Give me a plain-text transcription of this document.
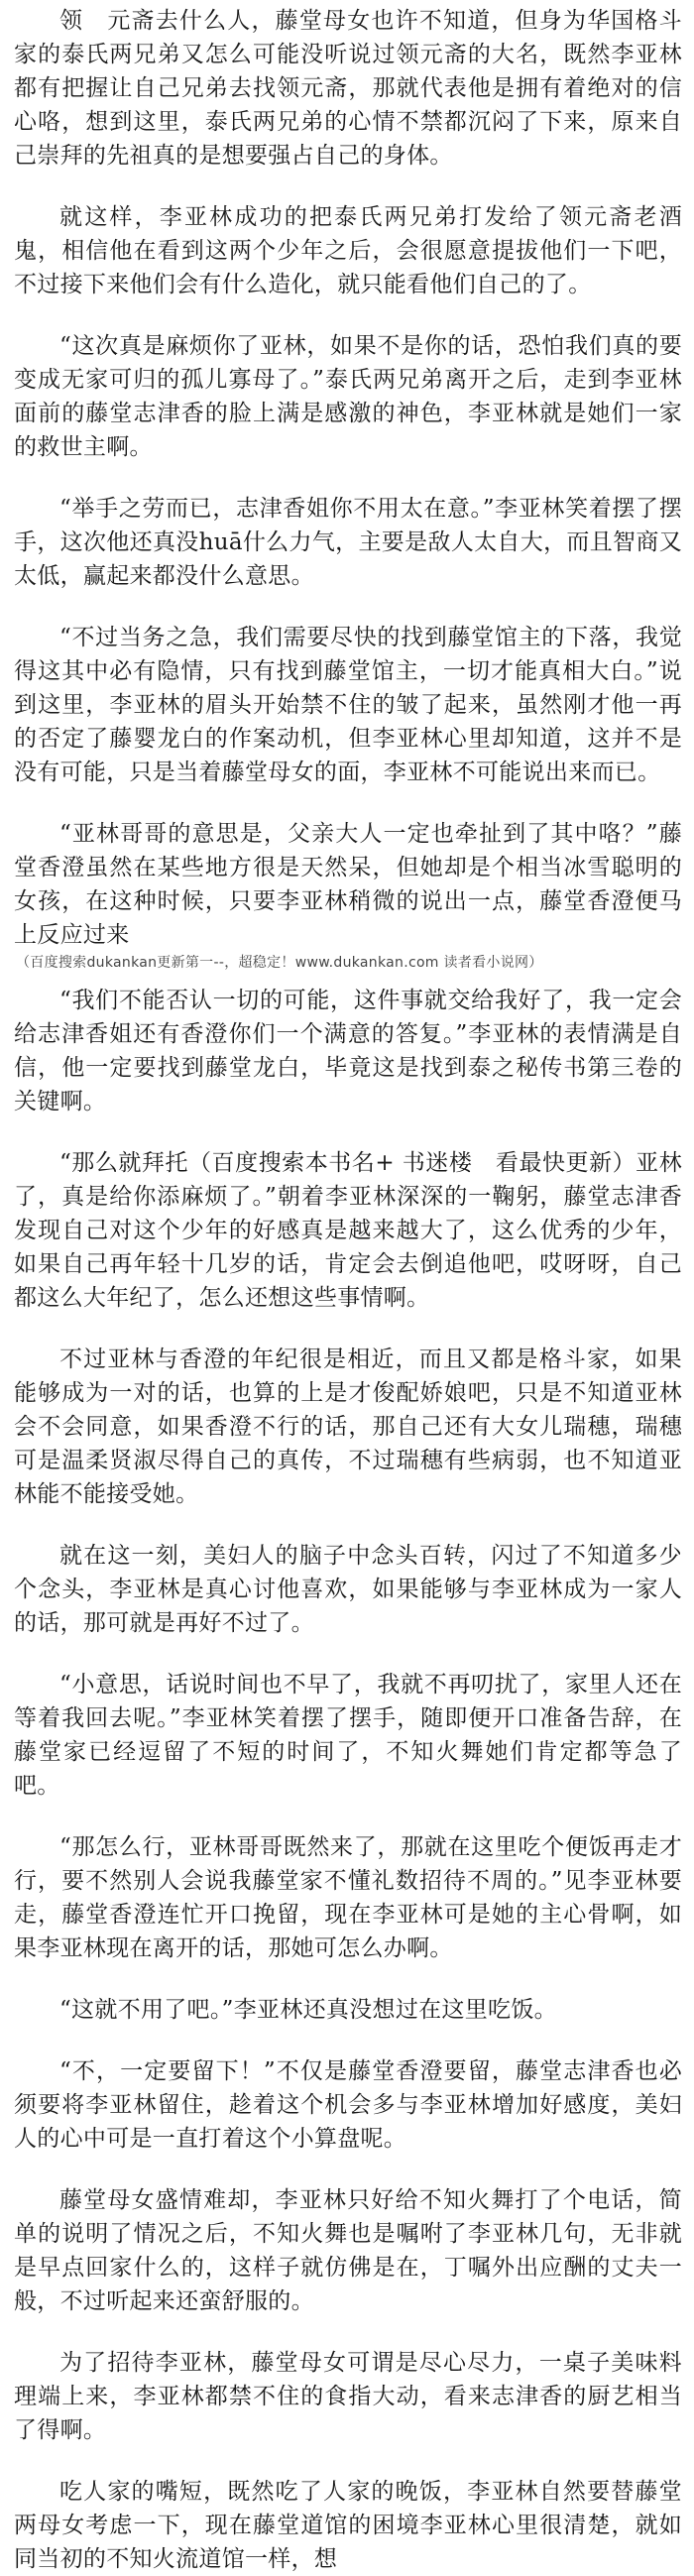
领　元斋去什么人，藤堂母女也许不知道，但身为华国格斗家的泰氏两兄弟又怎么可能没听说过领元斋的大名，既然李亚林都有把握让自己兄弟去找领元斋，那就代表他是拥有着绝对的信心咯，想到这里，泰氏两兄弟的心情不禁都沉闷了下来，原来自己崇拜的先祖真的是想要强占自己的身体。

就这样，李亚林成功的把泰氏两兄弟打发给了领元斋老酒鬼，相信他在看到这两个少年之后，会很愿意提拔他们一下吧，不过接下来他们会有什么造化，就只能看他们自己的了。

“这次真是麻烦你了亚林，如果不是你的话，恐怕我们真的要变成无家可归的孤儿寡母了。”泰氏两兄弟离开之后，走到李亚林面前的藤堂志津香的脸上满是感激的神色，李亚林就是她们一家的救世主啊。

“举手之劳而已，志津香姐你不用太在意。”李亚林笑着摆了摆手，这次他还真没huā什么力气，主要是敌人太自大，而且智商又太低，赢起来都没什么意思。

“不过当务之急，我们需要尽快的找到藤堂馆主的下落，我觉得这其中必有隐情，只有找到藤堂馆主，一切才能真相大白。”说到这里，李亚林的眉头开始禁不住的皱了起来，虽然刚才他一再的否定了藤婴龙白的作案动机，但李亚林心里却知道，这并不是没有可能，只是当着藤堂母女的面，李亚林不可能说出来而已。

“亚林哥哥的意思是，父亲大人一定也牵扯到了其中咯？”藤堂香澄虽然在某些地方很是天然呆，但她却是个相当冰雪聪明的女孩，在这种时候，只要李亚林稍微的说出一点，藤堂香澄便马上反应过来

（百度搜索dukankan更新第一--，超稳定！www.dukankan.com 读者看小说网）

“我们不能否认一切的可能，这件事就交给我好了，我一定会给志津香姐还有香澄你们一个满意的答复。”李亚林的表情满是自信，他一定要找到藤堂龙白，毕竟这是找到泰之秘传书第三卷的关键啊。

“那么就拜托（百度搜索本书名+ 书迷楼　看最快更新）亚林了，真是给你添麻烦了。”朝着李亚林深深的一鞠躬，藤堂志津香发现自己对这个少年的好感真是越来越大了，这么优秀的少年，如果自己再年轻十几岁的话，肯定会去倒追他吧，哎呀呀，自己都这么大年纪了，怎么还想这些事情啊。

不过亚林与香澄的年纪很是相近，而且又都是格斗家，如果能够成为一对的话，也算的上是才俊配娇娘吧，只是不知道亚林会不会同意，如果香澄不行的话，那自己还有大女儿瑞穗，瑞穗可是温柔贤淑尽得自己的真传，不过瑞穗有些病弱，也不知道亚林能不能接受她。

就在这一刻，美妇人的脑子中念头百转，闪过了不知道多少个念头，李亚林是真心讨他喜欢，如果能够与李亚林成为一家人的话，那可就是再好不过了。

“小意思，话说时间也不早了，我就不再叨扰了，家里人还在等着我回去呢。”李亚林笑着摆了摆手，随即便开口准备告辞，在藤堂家已经逗留了不短的时间了，不知火舞她们肯定都等急了吧。

“那怎么行，亚林哥哥既然来了，那就在这里吃个便饭再走才行，要不然别人会说我藤堂家不懂礼数招待不周的。”见李亚林要走，藤堂香澄连忙开口挽留，现在李亚林可是她的主心骨啊，如果李亚林现在离开的话，那她可怎么办啊。

“这就不用了吧。”李亚林还真没想过在这里吃饭。

“不，一定要留下！”不仅是藤堂香澄要留，藤堂志津香也必须要将李亚林留住，趁着这个机会多与李亚林增加好感度，美妇人的心中可是一直打着这个小算盘呢。

藤堂母女盛情难却，李亚林只好给不知火舞打了个电话，简单的说明了情况之后，不知火舞也是嘱咐了李亚林几句，无非就是早点回家什么的，这样子就仿佛是在，丁嘱外出应酬的丈夫一般，不过听起来还蛮舒服的。

为了招待李亚林，藤堂母女可谓是尽心尽力，一桌子美味料理端上来，李亚林都禁不住的食指大动，看来志津香的厨艺相当了得啊。

吃人家的嘴短，既然吃了人家的晚饭，李亚林自然要替藤堂两母女考虑一下，现在藤堂道馆的困境李亚林心里很清楚，就如同当初的不知火流道馆一样，想
